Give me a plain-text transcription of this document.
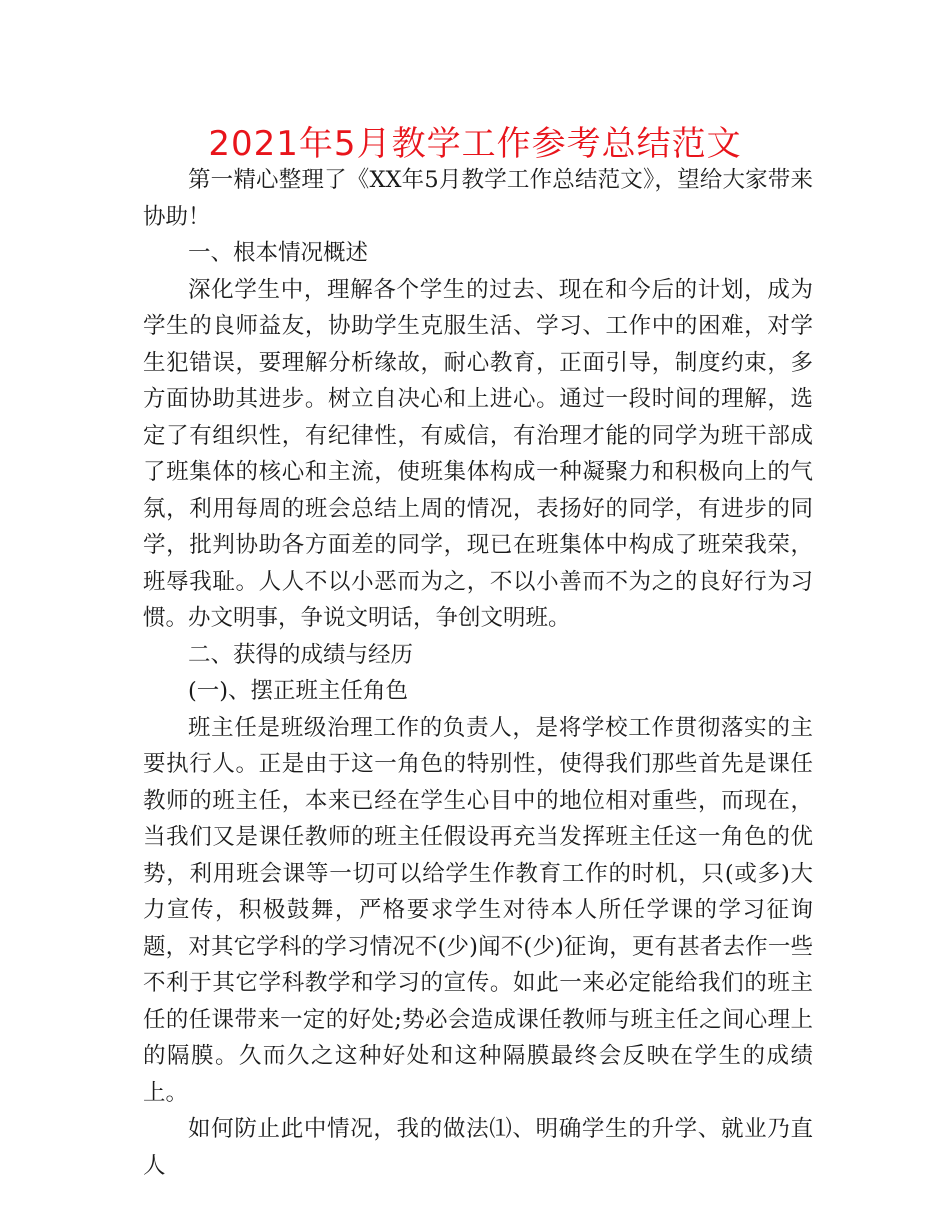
2021年5月教学工作参考总结范文

第一精心整理了《XX年5月教学工作总结范文》，望给大家带来协助！

一、根本情况概述

深化学生中，理解各个学生的过去、现在和今后的计划，成为学生的良师益友，协助学生克服生活、学习、工作中的困难，对学生犯错误，要理解分析缘故，耐心教育，正面引导，制度约束，多方面协助其进步。树立自决心和上进心。通过一段时间的理解，选定了有组织性，有纪律性，有威信，有治理才能的同学为班干部成了班集体的核心和主流，使班集体构成一种凝聚力和积极向上的气氛，利用每周的班会总结上周的情况，表扬好的同学，有进步的同学，批判协助各方面差的同学，现已在班集体中构成了班荣我荣，班辱我耻。人人不以小恶而为之，不以小善而不为之的良好行为习惯。办文明事，争说文明话，争创文明班。

二、获得的成绩与经历

(一)、摆正班主任角色

班主任是班级治理工作的负责人，是将学校工作贯彻落实的主要执行人。正是由于这一角色的特别性，使得我们那些首先是课任教师的班主任，本来已经在学生心目中的地位相对重些，而现在，当我们又是课任教师的班主任假设再充当发挥班主任这一角色的优势，利用班会课等一切可以给学生作教育工作的时机，只(或多)大力宣传，积极鼓舞，严格要求学生对待本人所任学课的学习征询题，对其它学科的学习情况不(少)闻不(少)征询，更有甚者去作一些不利于其它学科教学和学习的宣传。如此一来必定能给我们的班主任的任课带来一定的好处;势必会造成课任教师与班主任之间心理上的隔膜。久而久之这种好处和这种隔膜最终会反映在学生的成绩上。

如何防止此中情况，我的做法⑴、明确学生的升学、就业乃直人
